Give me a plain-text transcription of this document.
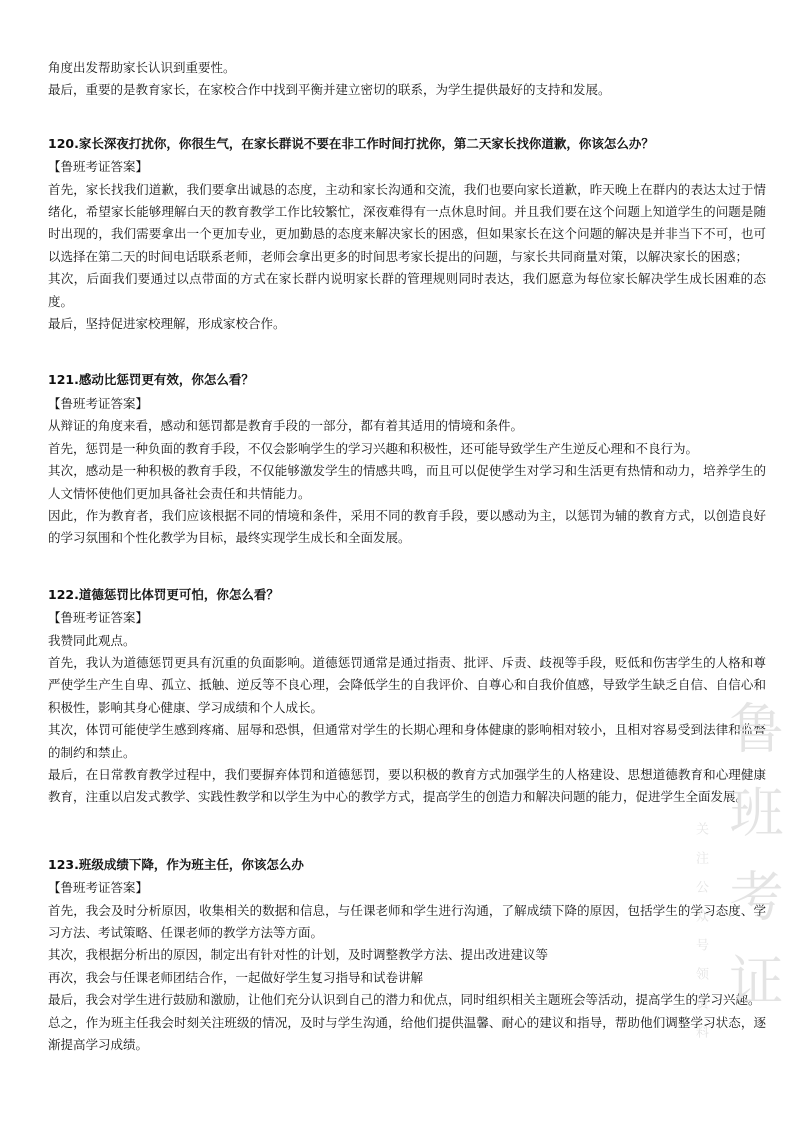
角度出发帮助家长认识到重要性。

最后，重要的是教育家长，在家校合作中找到平衡并建立密切的联系，为学生提供最好的支持和发展。

120.家长深夜打扰你，你很生气，在家长群说不要在非工作时间打扰你，第二天家长找你道歉，你该怎么办？

【鲁班考证答案】

首先，家长找我们道歉，我们要拿出诚恳的态度，主动和家长沟通和交流，我们也要向家长道歉，昨天晚上在群内的表达太过于情绪化，希望家长能够理解白天的教育教学工作比较繁忙，深夜难得有一点休息时间。并且我们要在这个问题上知道学生的问题是随时出现的，我们需要拿出一个更加专业，更加勤恳的态度来解决家长的困惑，但如果家长在这个问题的解决是并非当下不可，也可以选择在第二天的时间电话联系老师，老师会拿出更多的时间思考家长提出的问题，与家长共同商量对策，以解决家长的困惑；

其次，后面我们要通过以点带面的方式在家长群内说明家长群的管理规则同时表达，我们愿意为每位家长解决学生成长困难的态度。

最后，坚持促进家校理解，形成家校合作。

121.感动比惩罚更有效，你怎么看？

【鲁班考证答案】

从辩证的角度来看，感动和惩罚都是教育手段的一部分，都有着其适用的情境和条件。

首先，惩罚是一种负面的教育手段，不仅会影响学生的学习兴趣和积极性，还可能导致学生产生逆反心理和不良行为。

其次，感动是一种积极的教育手段，不仅能够激发学生的情感共鸣，而且可以促使学生对学习和生活更有热情和动力，培养学生的人文情怀使他们更加具备社会责任和共情能力。

因此，作为教育者，我们应该根据不同的情境和条件，采用不同的教育手段，要以感动为主，以惩罚为辅的教育方式，以创造良好的学习氛围和个性化教学为目标，最终实现学生成长和全面发展。

122.道德惩罚比体罚更可怕，你怎么看？

【鲁班考证答案】

我赞同此观点。

首先，我认为道德惩罚更具有沉重的负面影响。道德惩罚通常是通过指责、批评、斥责、歧视等手段，贬低和伤害学生的人格和尊严使学生产生自卑、孤立、抵触、逆反等不良心理，会降低学生的自我评价、自尊心和自我价值感，导致学生缺乏自信、自信心和积极性，影响其身心健康、学习成绩和个人成长。

其次，体罚可能使学生感到疼痛、屈辱和恐惧，但通常对学生的长期心理和身体健康的影响相对较小，且相对容易受到法律和监督的制约和禁止。

最后，在日常教育教学过程中，我们要摒弃体罚和道德惩罚，要以积极的教育方式加强学生的人格建设、思想道德教育和心理健康教育，注重以启发式教学、实践性教学和以学生为中心的教学方式，提高学生的创造力和解决问题的能力，促进学生全面发展。

123.班级成绩下降，作为班主任，你该怎么办

【鲁班考证答案】

首先，我会及时分析原因，收集相关的数据和信息，与任课老师和学生进行沟通，了解成绩下降的原因，包括学生的学习态度、学习方法、考试策略、任课老师的教学方法等方面。

其次，我根据分析出的原因，制定出有针对性的计划，及时调整教学方法、提出改进建议等

再次，我会与任课老师团结合作，一起做好学生复习指导和试卷讲解

最后，我会对学生进行鼓励和激励，让他们充分认识到自己的潜力和优点，同时组织相关主题班会等活动，提高学生的学习兴趣。

总之，作为班主任我会时刻关注班级的情况，及时与学生沟通，给他们提供温馨、耐心的建议和指导，帮助他们调整学习状态，逐渐提高学习成绩。

鲁班考证
关注公众号领资料
